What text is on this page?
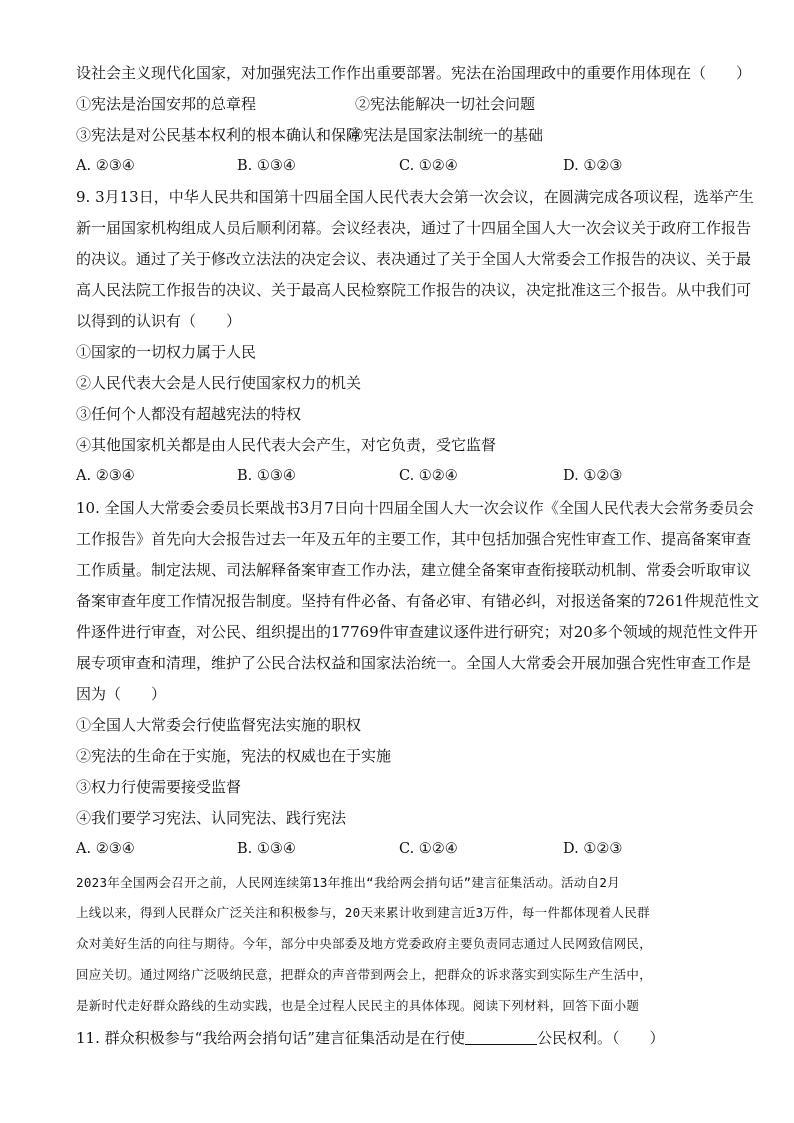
设社会主义现代化国家，对加强宪法工作作出重要部署。宪法在治国理政中的重要作用体现在（　　）
①宪法是治国安邦的总章程	②宪法能解决一切社会问题
③宪法是对公民基本权利的根本确认和保障
④宪法是国家法制统一的基础
A. ②③④	B. ①③④	C. ①②④	D. ①②③
9. 3月13日，中华人民共和国第十四届全国人民代表大会第一次会议，在圆满完成各项议程，选举产生
新一届国家机构组成人员后顺利闭幕。会议经表决，通过了十四届全国人大一次会议关于政府工作报告
的决议。通过了关于修改立法法的决定会议、表决通过了关于全国人大常委会工作报告的决议、关于最
高人民法院工作报告的决议、关于最高人民检察院工作报告的决议，决定批准这三个报告。从中我们可
以得到的认识有（　　）
①国家的一切权力属于人民
②人民代表大会是人民行使国家权力的机关
③任何个人都没有超越宪法的特权
④其他国家机关都是由人民代表大会产生，对它负责，受它监督
A. ②③④	B. ①③④	C. ①②④	D. ①②③
10. 全国人大常委会委员长栗战书3月7日向十四届全国人大一次会议作《全国人民代表大会常务委员会
工作报告》首先向大会报告过去一年及五年的主要工作，其中包括加强合宪性审查工作、提高备案审查
工作质量。制定法规、司法解释备案审查工作办法，建立健全备案审查衔接联动机制、常委会听取审议
备案审查年度工作情况报告制度。坚持有件必备、有备必审、有错必纠，对报送备案的7261件规范性文
件逐件进行审查，对公民、组织提出的17769件审查建议逐件进行研究；对20多个领域的规范性文件开
展专项审查和清理，维护了公民合法权益和国家法治统一。全国人大常委会开展加强合宪性审查工作是
因为（　　）
①全国人大常委会行使监督宪法实施的职权
②宪法的生命在于实施，宪法的权威也在于实施
③权力行使需要接受监督
④我们要学习宪法、认同宪法、践行宪法
A. ②③④	B. ①③④	C. ①②④	D. ①②③
2023年全国两会召开之前，人民网连续第13年推出“我给两会捎句话”建言征集活动。活动自2月
上线以来，得到人民群众广泛关注和积极参与，20天来累计收到建言近3万件，每一件都体现着人民群
众对美好生活的向往与期待。今年，部分中央部委及地方党委政府主要负责同志通过人民网致信网民，
回应关切。通过网络广泛吸纳民意，把群众的声音带到两会上，把群众的诉求落实到实际生产生活中，
是新时代走好群众路线的生动实践，也是全过程人民民主的具体体现。阅读下列材料，回答下面小题
11. 群众积极参与“我给两会捎句话”建言征集活动是在行使	公民权利。（　　）
